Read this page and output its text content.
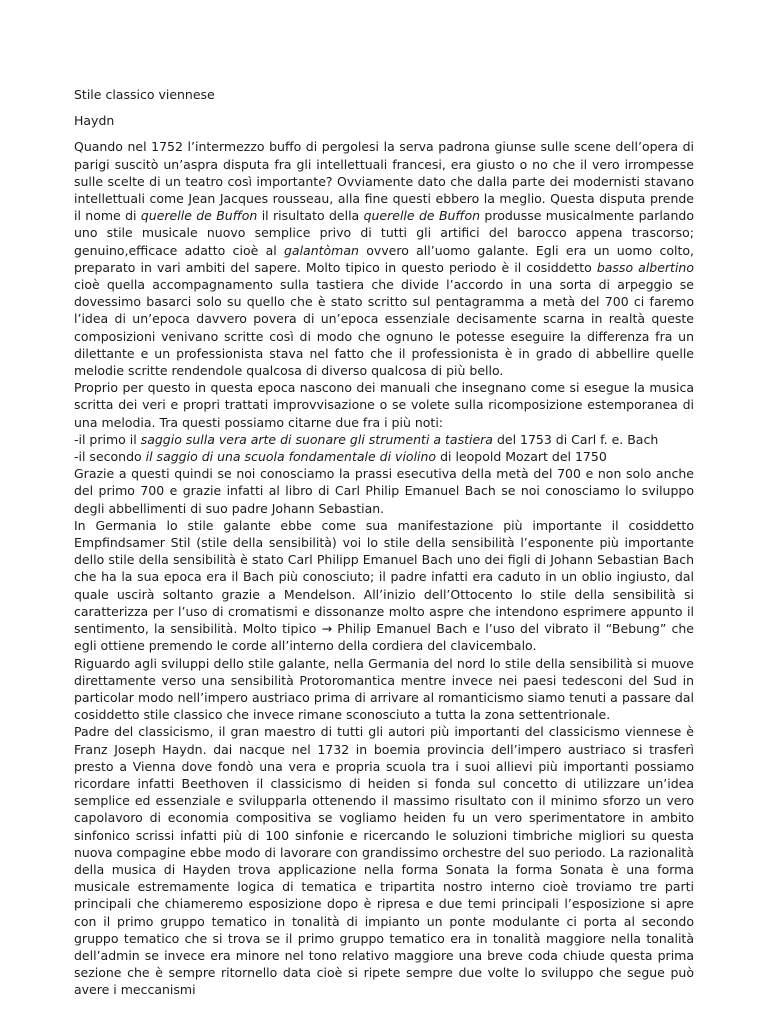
Stile classico viennese

Haydn

Quando nel 1752 l’intermezzo buffo di pergolesi la serva padrona giunse sulle scene dell’opera di parigi suscitò un’aspra disputa fra gli intellettuali francesi, era giusto o no che il vero irrompesse sulle scelte di un teatro così importante? Ovviamente dato che dalla parte dei modernisti stavano intellettuali come Jean Jacques rousseau, alla fine questi ebbero la meglio. Questa disputa prende il nome di querelle de Buffon il risultato della querelle de Buffon produsse musicalmente parlando uno stile musicale nuovo semplice privo di tutti gli artifici del barocco appena trascorso; genuino,efficace adatto cioè al galantòman ovvero all’uomo galante. Egli era un uomo colto, preparato in vari ambiti del sapere. Molto tipico in questo periodo è il cosiddetto basso albertino cioè quella accompagnamento sulla tastiera che divide l’accordo in una sorta di arpeggio se dovessimo basarci solo su quello che è stato scritto sul pentagramma a metà del 700 ci faremo l’idea di un’epoca davvero povera di un’epoca essenziale decisamente scarna in realtà queste composizioni venivano scritte così di modo che ognuno le potesse eseguire la differenza fra un dilettante e un professionista stava nel fatto che il professionista è in grado di abbellire quelle melodie scritte rendendole qualcosa di diverso qualcosa di più bello.

Proprio per questo in questa epoca nascono dei manuali che insegnano come si esegue la musica scritta dei veri e propri trattati improvvisazione o se volete sulla ricomposizione estemporanea di una melodia. Tra questi possiamo citarne due fra i più noti:

-il primo il saggio sulla vera arte di suonare gli strumenti a tastiera del 1753 di Carl f. e. Bach

-il secondo il saggio di una scuola fondamentale di violino di leopold Mozart del 1750

Grazie a questi quindi se noi conosciamo la prassi esecutiva della metà del 700 e non solo anche del primo 700 e grazie infatti al libro di Carl Philip Emanuel Bach se noi conosciamo lo sviluppo degli abbellimenti di suo padre Johann Sebastian.

In Germania lo stile galante ebbe come sua manifestazione più importante il cosiddetto Empfindsamer Stil (stile della sensibilità) voi lo stile della sensibilità l’esponente più importante dello stile della sensibilità è stato Carl Philipp Emanuel Bach uno dei figli di Johann Sebastian Bach che ha la sua epoca era il Bach più conosciuto; il padre infatti era caduto in un oblio ingiusto, dal quale uscirà soltanto grazie a Mendelson. All’inizio dell’Ottocento lo stile della sensibilità si caratterizza per l’uso di cromatismi e dissonanze molto aspre che intendono esprimere appunto il sentimento, la sensibilità. Molto tipico → Philip Emanuel Bach e l’uso del vibrato il “Bebung” che egli ottiene premendo le corde all’interno della cordiera del clavicembalo.

Riguardo agli sviluppi dello stile galante, nella Germania del nord lo stile della sensibilità si muove direttamente verso una sensibilità Protoromantica mentre invece nei paesi tedesconi del Sud in particolar modo nell’impero austriaco prima di arrivare al romanticismo siamo tenuti a passare dal cosiddetto stile classico che invece rimane sconosciuto a tutta la zona settentrionale.

Padre del classicismo, il gran maestro di tutti gli autori più importanti del classicismo viennese è Franz Joseph Haydn. dai nacque nel 1732 in boemia provincia dell’impero austriaco si trasferì presto a Vienna dove fondò una vera e propria scuola tra i suoi allievi più importanti possiamo ricordare infatti Beethoven il classicismo di heiden si fonda sul concetto di utilizzare un’idea semplice ed essenziale e svilupparla ottenendo il massimo risultato con il minimo sforzo un vero capolavoro di economia compositiva se vogliamo heiden fu un vero sperimentatore in ambito sinfonico scrissi infatti più di 100 sinfonie e ricercando le soluzioni timbriche migliori su questa nuova compagine ebbe modo di lavorare con grandissimo orchestre del suo periodo. La razionalità della musica di Hayden trova applicazione nella forma Sonata la forma Sonata è una forma musicale estremamente logica di tematica e tripartita nostro interno cioè troviamo tre parti principali che chiameremo esposizione dopo è ripresa e due temi principali l’esposizione si apre con il primo gruppo tematico in tonalità di impianto un ponte modulante ci porta al secondo gruppo tematico che si trova se il primo gruppo tematico era in tonalità maggiore nella tonalità dell’admin se invece era minore nel tono relativo maggiore una breve coda chiude questa prima sezione che è sempre ritornello data cioè si ripete sempre due volte lo sviluppo che segue può avere i meccanismi
